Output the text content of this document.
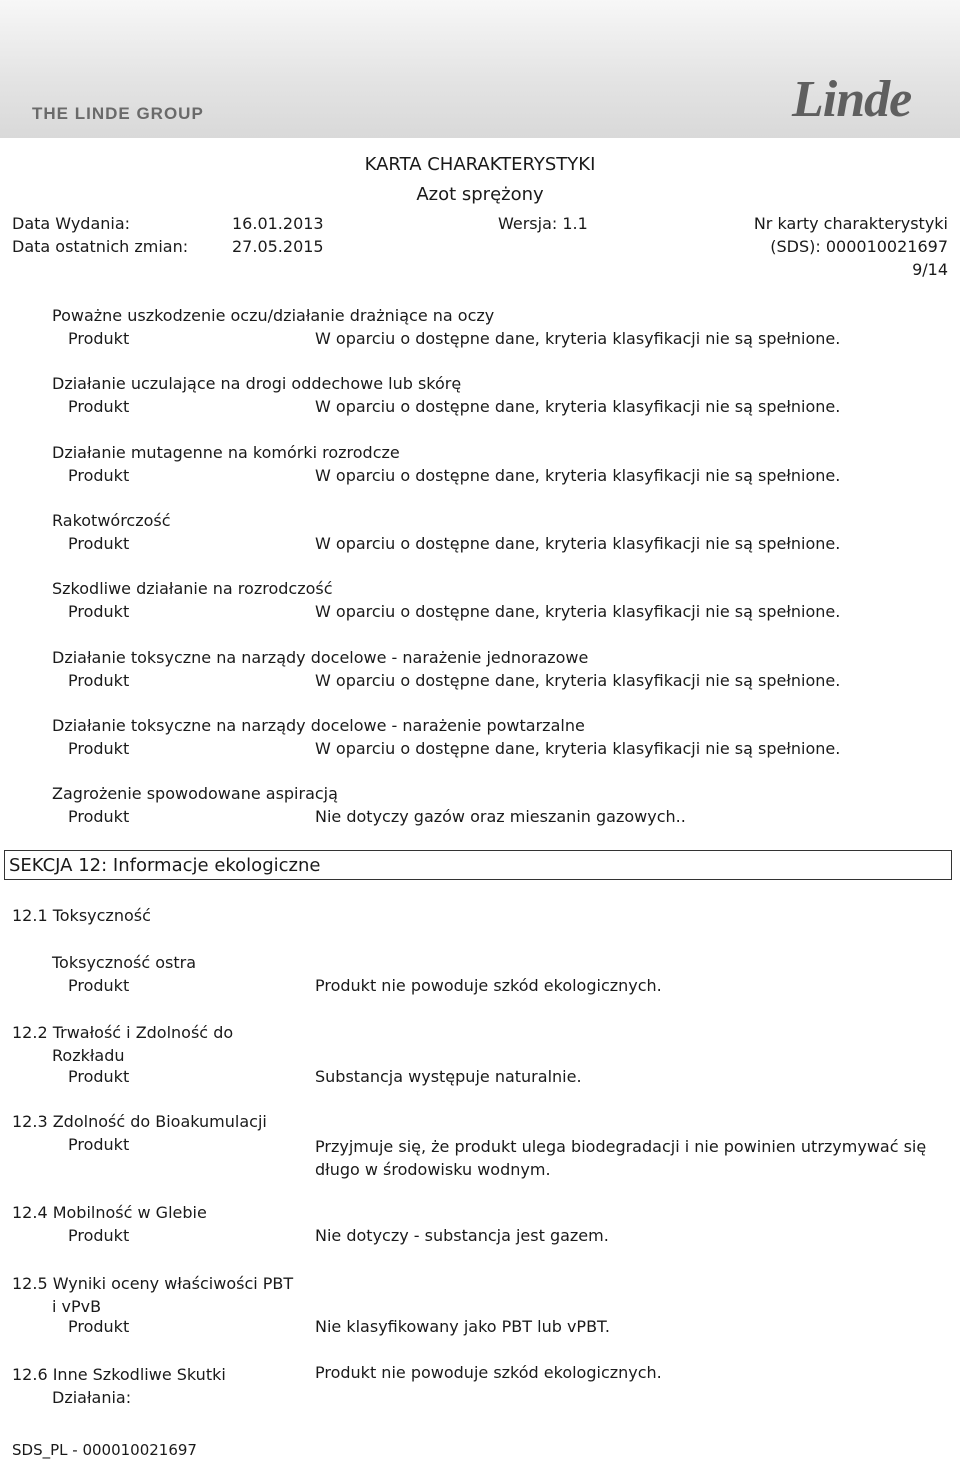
THE LINDE GROUP	Linde
KARTA CHARAKTERYSTYKI
Azot sprężony
Data Wydania:	16.01.2013	Wersja: 1.1	Nr karty charakterystyki
Data ostatnich zmian:	27.05.2015	(SDS): 000010021697
9/14
Poważne uszkodzenie oczu/działanie drażniące na oczy
Produkt	W oparciu o dostępne dane, kryteria klasyfikacji nie są spełnione.
Działanie uczulające na drogi oddechowe lub skórę
Produkt	W oparciu o dostępne dane, kryteria klasyfikacji nie są spełnione.
Działanie mutagenne na komórki rozrodcze
Produkt	W oparciu o dostępne dane, kryteria klasyfikacji nie są spełnione.
Rakotwórczość
Produkt	W oparciu o dostępne dane, kryteria klasyfikacji nie są spełnione.
Szkodliwe działanie na rozrodczość
Produkt	W oparciu o dostępne dane, kryteria klasyfikacji nie są spełnione.
Działanie toksyczne na narządy docelowe - narażenie jednorazowe
Produkt	W oparciu o dostępne dane, kryteria klasyfikacji nie są spełnione.
Działanie toksyczne na narządy docelowe - narażenie powtarzalne
Produkt	W oparciu o dostępne dane, kryteria klasyfikacji nie są spełnione.
Zagrożenie spowodowane aspiracją
Produkt	Nie dotyczy gazów oraz mieszanin gazowych..
SEKCJA 12: Informacje ekologiczne
12.1 Toksyczność
Toksyczność ostra
Produkt	Produkt nie powoduje szkód ekologicznych.
12.2 Trwałość i Zdolność do Rozkładu
Produkt	Substancja występuje naturalnie.
12.3 Zdolność do Bioakumulacji
Produkt	Przyjmuje się, że produkt ulega biodegradacji i nie powinien utrzymywać się długo w środowisku wodnym.
12.4 Mobilność w Glebie
Produkt	Nie dotyczy - substancja jest gazem.
12.5 Wyniki oceny właściwości PBT i vPvB
Produkt	Nie klasyfikowany jako PBT lub vPBT.
12.6 Inne Szkodliwe Skutki Działania:
Produkt nie powoduje szkód ekologicznych.
SDS_PL - 000010021697
